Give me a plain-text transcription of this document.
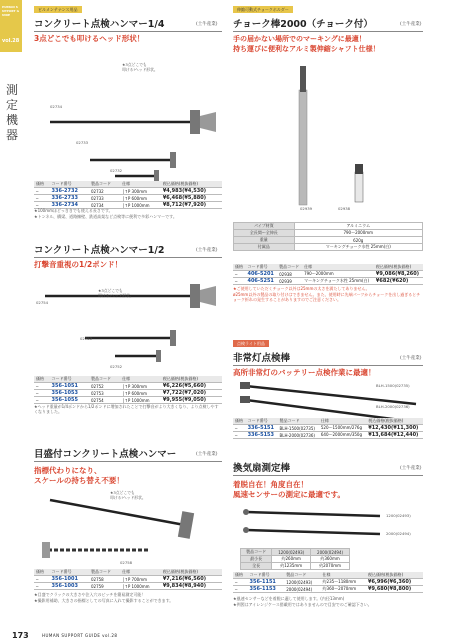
HUMAN SUPPORT GUIDE
vol.28
測定機器
ビルメンテナンス用品
コンクリート点検ハンマー1/4	(土牛産業)
3点どこでも叩けるヘッド形状！
★3点どこでも
叩ける!ヘッド形状。
02734
02733
02732
価格	コード番号	製品コード	仕様	税込価格(税抜価格)
─	336-2732	02732	│↑P 300mm	¥4,983(¥4,530)
─	336-2733	02733	│↑P 600mm	¥6,468(¥5,880)
─	336-2734	02734	│↑P 1000mm	¥8,712(¥7,920)
★100mmほどっききでも使える長さです。
★トンネル、橋梁、道路擁壁、鉄道高架など点検等に便利で多彩ハンマーです。
伸縮可動式チョークホルダー
チョーク棒2000（チョーク付）	(土牛産業)
手の届かない場所でのマーキングに最適！
持ち運びに便利なアルミ製伸縮シャフト仕様！
02939	02938
パイプ材質	アルミニウム
全長間～全伸長	790～2000mm
重量	620g
付属品	マーキングチョーク水性 25mm(白)
価格	コード番号	製品コード	仕様	税込価格(税抜価格)
─	406-5201	02938	790～2000mm	¥9,086(¥8,260)
─	406-5251	02939	マーキングチョーク水性 25mm(白)	¥682(¥620)
★ご使用していただくチョーク以外は25mmの太さを満たしてありません。
ø25mm以外の製品の取り付けはできません。また、使用時に先端パーツからチョークを出し過ぎるとチョーク折れの発生することがありますのでご注意ください。
コンクリート点検ハンマー1/2	(土牛産業)
打撃音重視の1/2ポンド！
★3点どこでも
叩ける!ヘッド形状。
02754
02753
02752
価格	コード番号	製品コード	仕様	税込価格(税抜価格)
─	356-1051	02752	│↑P 300mm	¥6,226(¥5,660)
─	356-1053	02753	│↑P 600mm	¥7,722(¥7,020)
─	356-1055	02754	│↑P 1000mm	¥9,955(¥9,050)
★ヘッド重量が1/4ポンドから1/2ポンドに増加されたことで打撃音がより大きくなり、より点検しやすくなりました。
点検ライト用品
非常灯点検棒	(土牛産業)
高所非常灯のバッテリー点検作業に最適！
BLH-1500(02735)
BLH-2000(02736)
価格	コード番号	製品コード	仕様	税込価格(税抜価格)
─	336-5151	BLH-1500(02735)	520～1500mm/276g	¥12,430(¥11,300)
─	336-5153	BLH-2000(02736)	640～2000mm/350g	¥13,684(¥12,440)
目盛付コンクリート点検ハンマー	(土牛産業)
指標代わりになり、
スケールの持ち替え不要！
★3点どこでも
叩ける!ヘッド形状。
02758
価格	コード番号	製品コード	仕様	税込価格(税抜価格)
─	356-1001	02758	│↑P 700mm	¥7,216(¥6,560)
─	356-1003	02759	│↑P 1000mm	¥9,834(¥8,940)
★目盛でクラックの大きさや注入穴のピッチを簡易測定可能！
★撮影用補助、大きさの指標としての写真に入れて撮影することができます。
換気扇測定棒	(土牛産業)
着脱自在！角度自在！
風速センサーの測定に最適です。
1200(02493)
2000(02494)
製品コード	1200(02493)	2000(02494)
最小長	約260mm	約360mm
全長	約1235mm	約2070mm
価格	コード番号	製品コード	仕様	税込価格(税抜価格)
─	356-1151	1200(02493)	約235～1180mm	¥6,996(¥6,360)
─	356-1153	2000(02494)	約360～2070mm	¥9,680(¥8,800)
★風速センサーなどを着脱に適して使用します。(内径13mm)
★例図はアイレンジケース搭載用ではありませんので目安でのご確認下さい。
173	HUMAN SUPPORT GUIDE vol.28
